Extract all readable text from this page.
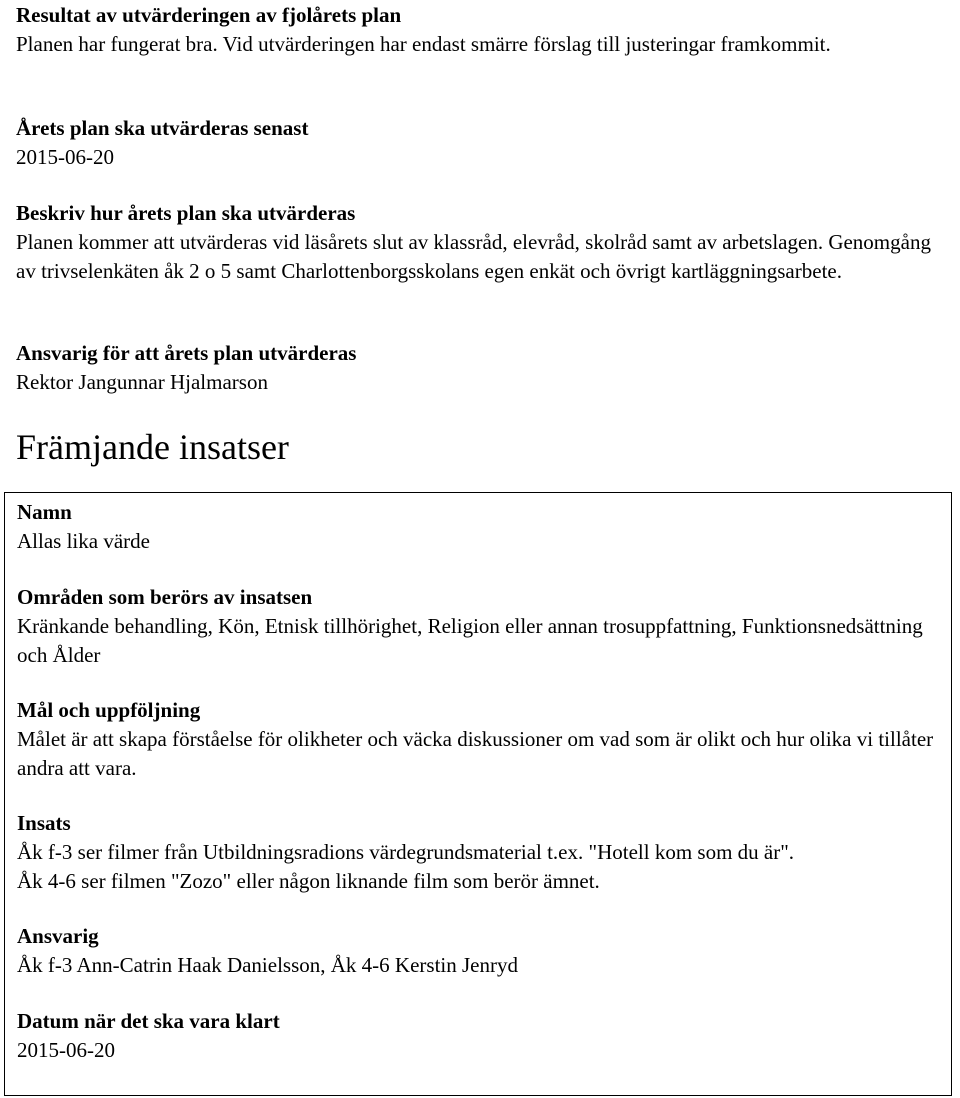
Resultat av utvärderingen av fjolårets plan
Planen har fungerat bra. Vid utvärderingen har endast smärre förslag till justeringar framkommit.
Årets plan ska utvärderas senast
2015-06-20
Beskriv hur årets plan ska utvärderas
Planen kommer att utvärderas vid läsårets slut av klassråd, elevråd, skolråd samt av arbetslagen. Genomgång av trivselenkäten åk 2 o 5 samt Charlottenborgsskolans egen enkät och övrigt kartläggningsarbete.
Ansvarig för att årets plan utvärderas
Rektor Jangunnar Hjalmarson
Främjande insatser
Namn
Allas lika värde
Områden som berörs av insatsen
Kränkande behandling, Kön, Etnisk tillhörighet, Religion eller annan trosuppfattning, Funktionsnedsättning och Ålder
Mål och uppföljning
Målet är att skapa förståelse för olikheter och väcka diskussioner om vad som är olikt och hur olika vi tillåter andra att vara.
Insats
Åk f-3 ser filmer från Utbildningsradions värdegrundsmaterial t.ex. "Hotell kom som du är".
Åk 4-6 ser filmen "Zozo" eller någon liknande film som berör ämnet.
Ansvarig
Åk f-3 Ann-Catrin Haak Danielsson, Åk 4-6 Kerstin Jenryd
Datum när det ska vara klart
2015-06-20
